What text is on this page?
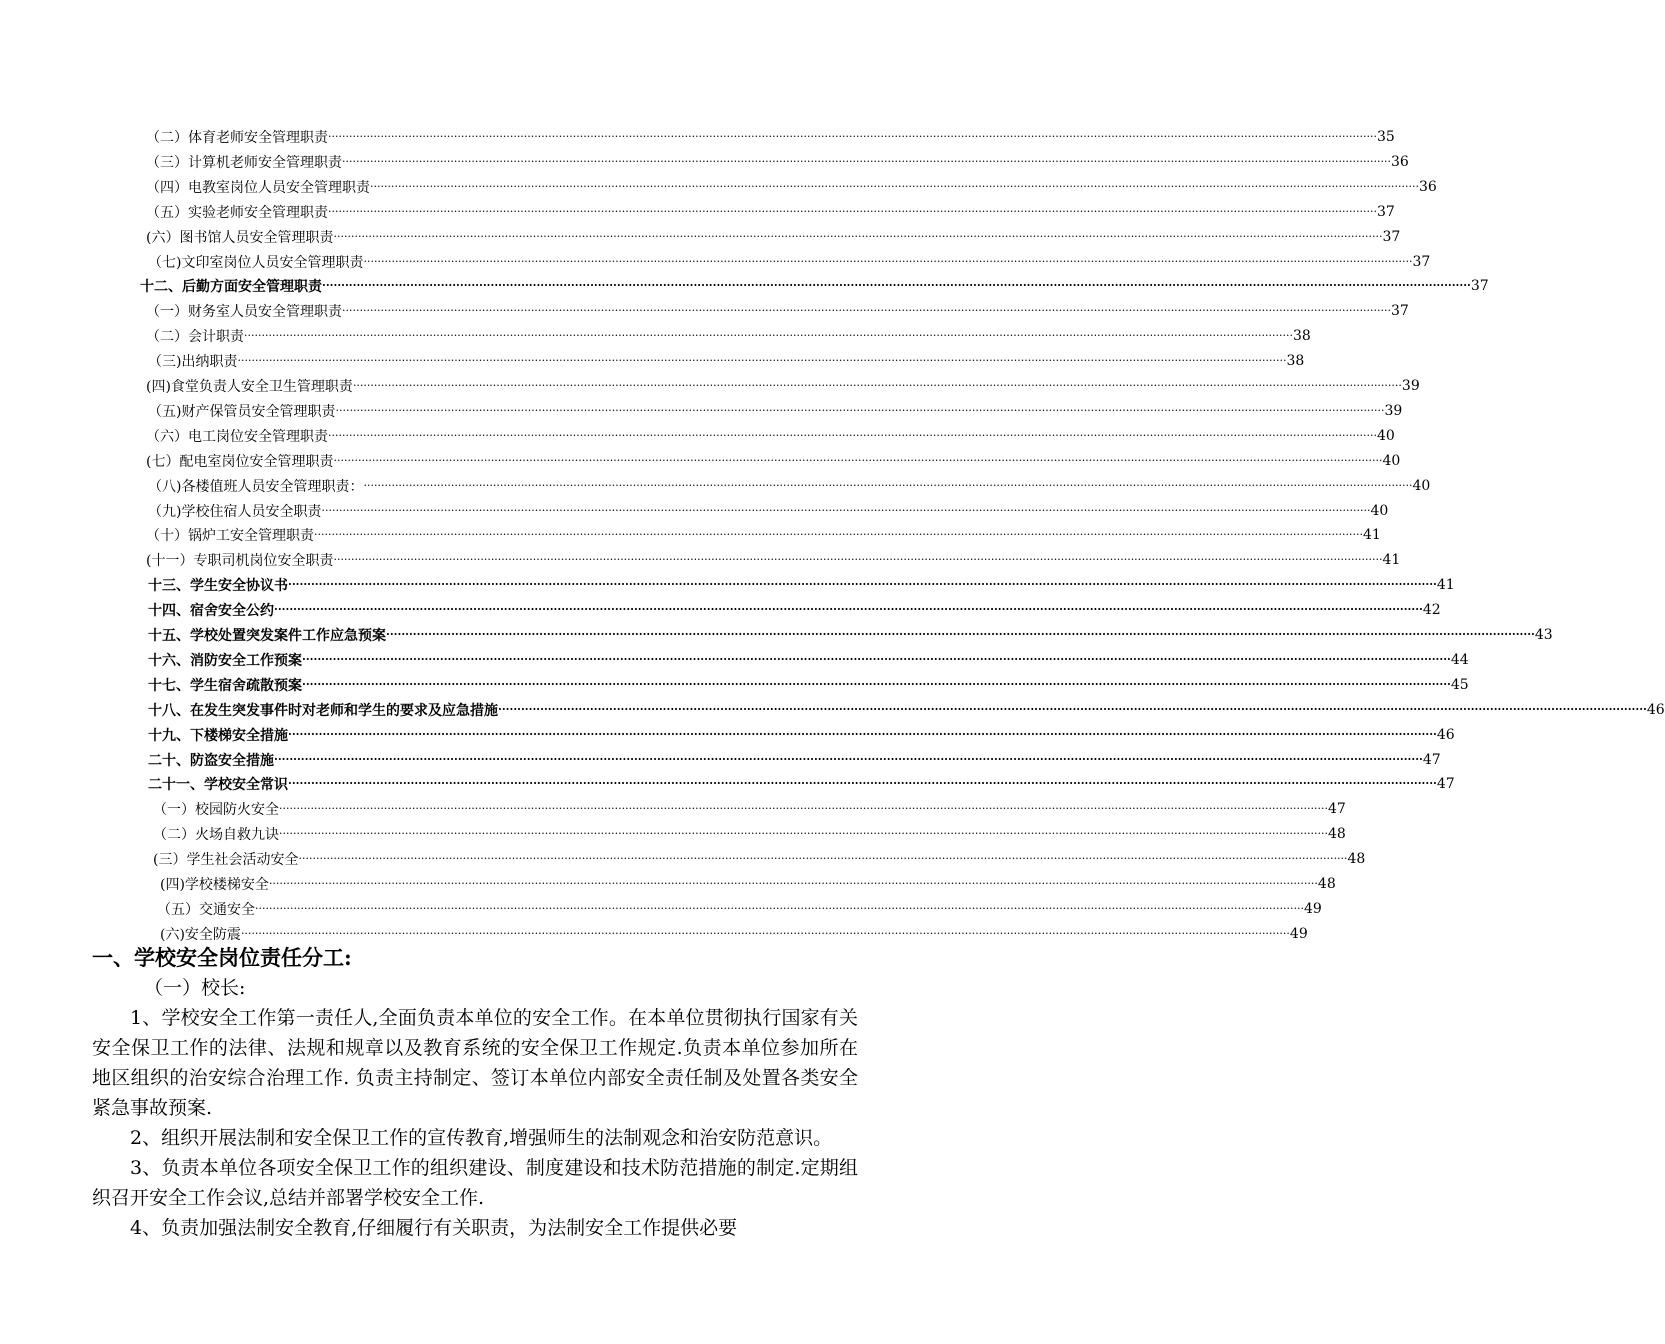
（二）体育老师安全管理职责 ············································································································································································································································································································ 35
（三）计算机老师安全管理职责 ············································································································································································································································································································ 36
（四）电教室岗位人员安全管理职责 ············································································································································································································································································································ 36
（五）实验老师安全管理职责 ············································································································································································································································································································ 37
(六）图书馆人员安全管理职责 ············································································································································································································································································································ 37
（七)文印室岗位人员安全管理职责 ············································································································································································································································································································ 37
十二、后勤方面安全管理职责 ············································································································································································································································································································ 37
（一）财务室人员安全管理职责 ············································································································································································································································································································ 37
（二）会计职责 ············································································································································································································································································································ 38
（三)出纳职责 ············································································································································································································································································································ 38
(四)食堂负责人安全卫生管理职责 ············································································································································································································································································································ 39
（五)财产保管员安全管理职责 ············································································································································································································································································································ 39
（六）电工岗位安全管理职责 ············································································································································································································································································································ 40
(七）配电室岗位安全管理职责 ············································································································································································································································································································ 40
（八)各楼值班人员安全管理职责： ············································································································································································································································································································ 40
（九)学校住宿人员安全职责 ············································································································································································································································································································ 40
（十）锅炉工安全管理职责 ············································································································································································································································································································ 41
(十一）专职司机岗位安全职责 ············································································································································································································································································································ 41
十三、学生安全协议书 ············································································································································································································································································································ 41
十四、宿舍安全公约 ············································································································································································································································································································ 42
十五、学校处置突发案件工作应急预案 ············································································································································································································································································································ 43
十六、消防安全工作预案 ············································································································································································································································································································ 44
十七、学生宿舍疏散预案 ············································································································································································································································································································ 45
十八、在发生突发事件时对老师和学生的要求及应急措施 ············································································································································································································································································································ 46
十九、下楼梯安全措施 ············································································································································································································································································································ 46
二十、防盗安全措施 ············································································································································································································································································································ 47
二十一、学校安全常识 ············································································································································································································································································································ 47
（一）校园防火安全 ············································································································································································································································································································ 47
（二）火场自救九诀 ············································································································································································································································································································ 48
(三）学生社会活动安全 ············································································································································································································································································································ 48
(四)学校楼梯安全 ············································································································································································································································································································ 48
（五）交通安全 ············································································································································································································································································································ 49
(六)安全防震 ············································································································································································································································································································ 49

一、学校安全岗位责任分工:

（一）校长:

1、学校安全工作第一责任人,全面负责本单位的安全工作。在本单位贯彻执行国家有关安全保卫工作的法律、法规和规章以及教育系统的安全保卫工作规定.负责本单位参加所在地区组织的治安综合治理工作. 负责主持制定、签订本单位内部安全责任制及处置各类安全紧急事故预案.

2、组织开展法制和安全保卫工作的宣传教育,增强师生的法制观念和治安防范意识。

3、负责本单位各项安全保卫工作的组织建设、制度建设和技术防范措施的制定.定期组织召开安全工作会议,总结并部署学校安全工作.

4、负责加强法制安全教育,仔细履行有关职责，为法制安全工作提供必要
